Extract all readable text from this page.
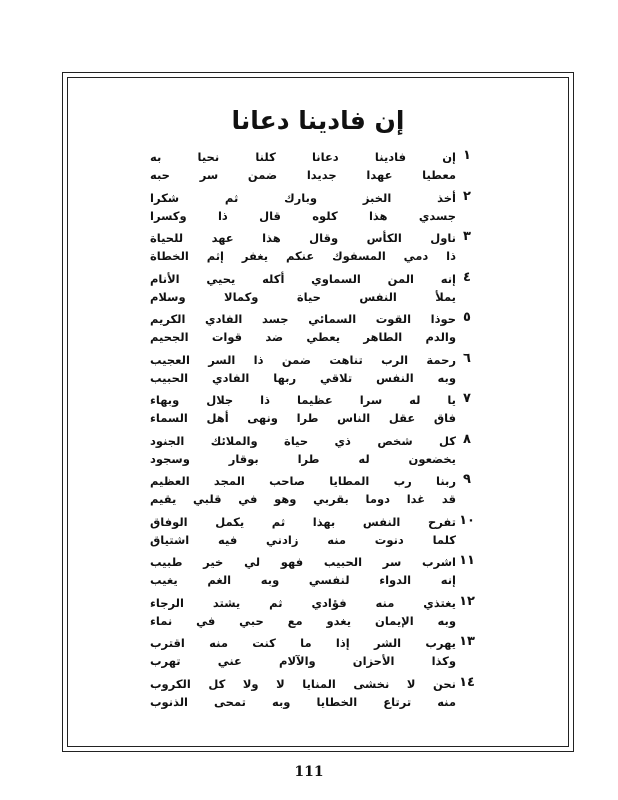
إن فادينا دعانا
١
إن فادينا دعانا كلنا نحيا به
معطيا عهدا جديدا ضمن سر حبه
٢
أخذ الخبز وبارك ثم شكرا
جسدي هذا كلوه قال ذا وكسرا
٣
ناول الكأس وقال هذا عهد للحياة
ذا دمي المسفوك عنكم يغفر إثم الخطاة
٤
إنه المن السماوي أكله يحيي الأنام
يملأ النفس حياة وكمالا وسلام
٥
حوذا القوت السمائي جسد الفادي الكريم
والدم الطاهر يعطي ضد قوات الجحيم
٦
رحمة الرب تناهت ضمن ذا السر العجيب
وبه النفس تلاقي ربها الفادي الحبيب
٧
يا له سرا عظيما ذا جلال وبهاء
فاق عقل الناس طرا ونهى أهل السماء
٨
كل شخص ذي حياة والملائك الجنود
يخضعون له طرا بوقار وسجود
٩
ربنا رب المطايا صاحب المجد العظيم
قد غدا دوما بقربي وهو في قلبي يقيم
١٠
تفرح النفس بهذا ثم يكمل الوفاق
كلما دنوت منه زادني فيه اشتياق
١١
اشرب سر الحبيب فهو لي خير طبيب
إنه الدواء لنفسي وبه الغم يغيب
١٢
يغتذي منه فؤادي ثم يشتد الرجاء
وبه الإيمان يغدو مع حبي في نماء
١٣
يهرب الشر إذا ما كنت منه اقترب
وكذا الأحزان والآلام عني تهرب
١٤
نحن لا نخشى المنايا لا ولا كل الكروب
منه ترتاع الخطايا وبه تمحى الذنوب
111
